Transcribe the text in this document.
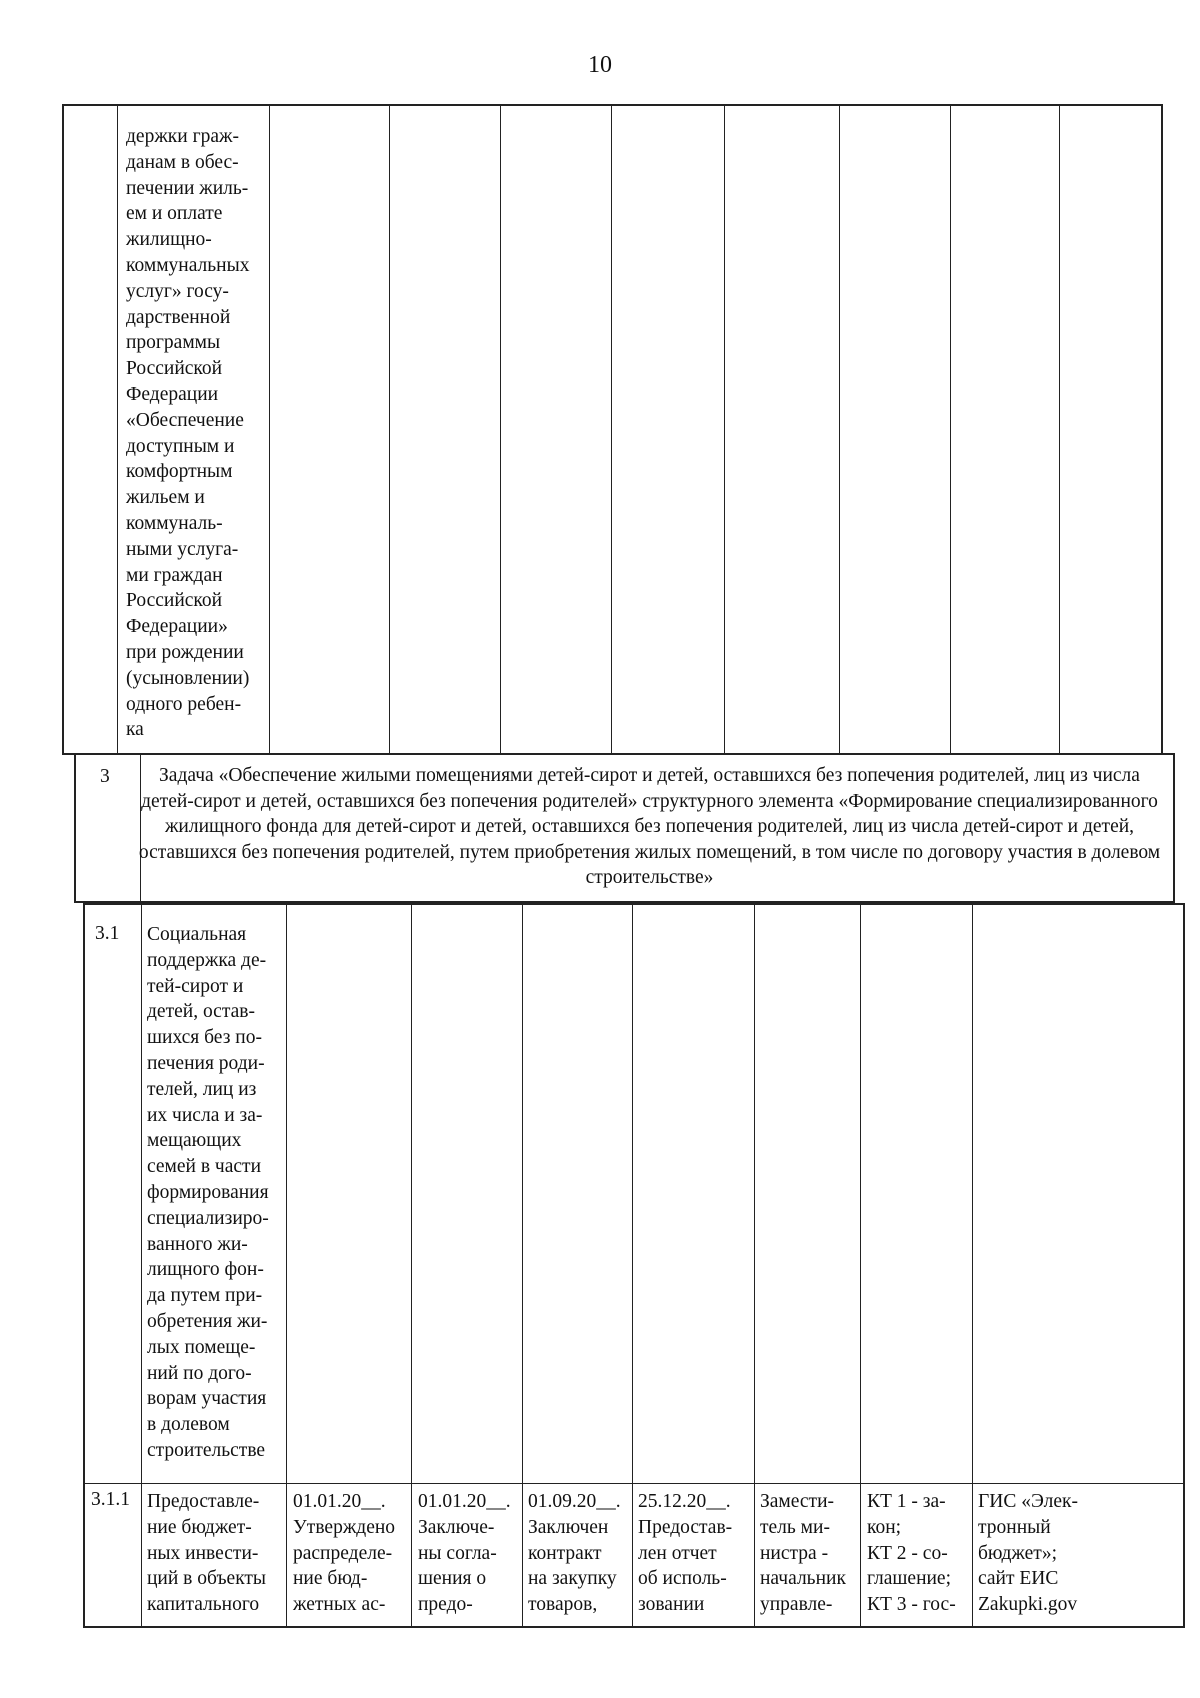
10

держки граж-
данам в обес-
печении жиль-
ем и оплате
жилищно-
коммунальных
услуг» госу-
дарственной
программы
Российской
Федерации
«Обеспечение
доступным и
комфортным
жильем и
коммуналь-
ными услуга-
ми граждан
Российской
Федерации»
при рождении
(усыновлении)
одного ребен-
ка

3	Задача «Обеспечение жилыми помещениями детей-сирот и детей, оставшихся без попечения родителей, лиц из числа детей-сирот и детей, оставшихся без попечения родителей» структурного элемента «Формирование специализированного жилищного фонда для детей-сирот и детей, оставшихся без попечения родителей, лиц из числа детей-сирот и детей, оставшихся без попечения родителей, путем приобретения жилых помещений, в том числе по договору участия в долевом строительстве»

3.1 Социальная
поддержка де-
тей-сирот и
детей, остав-
шихся без по-
печения роди-
телей, лиц из
их числа и за-
мещающих
семей в части
формирования
специализиро-
ванного жи-
лищного фон-
да путем при-
обретения жи-
лых помеще-
ний по дого-
ворам участия
в долевом
строительстве

3.1.1 Предоставле-
ние бюджет-
ных инвести-
ций в объекты
капитального

01.01.20__.
Утверждено
распределе-
ние бюд-
жетных ас-

01.01.20__.
Заключе-
ны согла-
шения о
предо-

01.09.20__.
Заключен
контракт
на закупку
товаров,

25.12.20__.
Предостав-
лен отчет
об исполь-
зовании

Замести-
тель ми-
нистра -
начальник
управле-

КТ 1 - за-
кон;
КТ 2 - со-
глашение;
КТ 3 - гос-

ГИС «Элек-
тронный
бюджет»;
сайт ЕИС
Zakupki.gov
